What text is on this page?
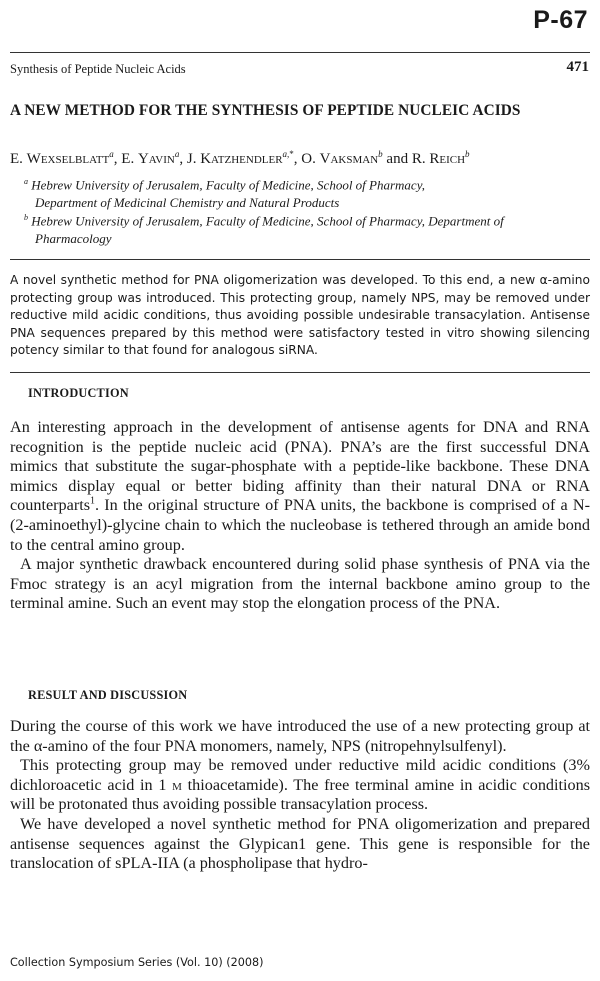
P-67
Synthesis of Peptide Nucleic Acids	471
A NEW METHOD FOR THE SYNTHESIS OF PEPTIDE NUCLEIC ACIDS
E. Wexselblatt$^a$, E. Yavin$^a$, J. Katzhendler$^{a,*}$, O. Vaksman$^b$ and R. Reich$^b$
$^a$ Hebrew University of Jerusalem, Faculty of Medicine, School of Pharmacy,
Department of Medicinal Chemistry and Natural Products
$^b$ Hebrew University of Jerusalem, Faculty of Medicine, School of Pharmacy, Department of
Pharmacology

A novel synthetic method for PNA oligomerization was developed. To this end, a new α-amino protecting group was introduced. This protecting group, namely NPS, may be removed under reductive mild acidic conditions, thus avoiding possible undesirable transacylation. Antisense PNA sequences prepared by this method were satisfactory tested in vitro showing silencing potency similar to that found for analogous siRNA.

INTRODUCTION

An interesting approach in the development of antisense agents for DNA and RNA recognition is the peptide nucleic acid (PNA). PNA’s are the first successful DNA mimics that substitute the sugar-phosphate with a peptide-like backbone. These DNA mimics display equal or better biding affinity than their natural DNA or RNA counterparts$^1$. In the original structure of PNA units, the backbone is comprised of a N-(2-aminoethyl)-glycine chain to which the nucleobase is tethered through an amide bond to the central amino group.

A major synthetic drawback encountered during solid phase synthesis of PNA via the Fmoc strategy is an acyl migration from the internal backbone amino group to the terminal amine. Such an event may stop the elongation process of the PNA.

RESULT AND DISCUSSION

During the course of this work we have introduced the use of a new protecting group at the α-amino of the four PNA monomers, namely, NPS (nitropehnylsulfenyl).

This protecting group may be removed under reductive mild acidic conditions (3% dichloroacetic acid in 1 m thioacetamide). The free terminal amine in acidic conditions will be protonated thus avoiding possible transacylation process.

We have developed a novel synthetic method for PNA oligomerization and prepared antisense sequences against the Glypican1 gene. This gene is responsible for the translocation of sPLA-IIA (a phospholipase that hydro-

Collection Symposium Series (Vol. 10) (2008)
